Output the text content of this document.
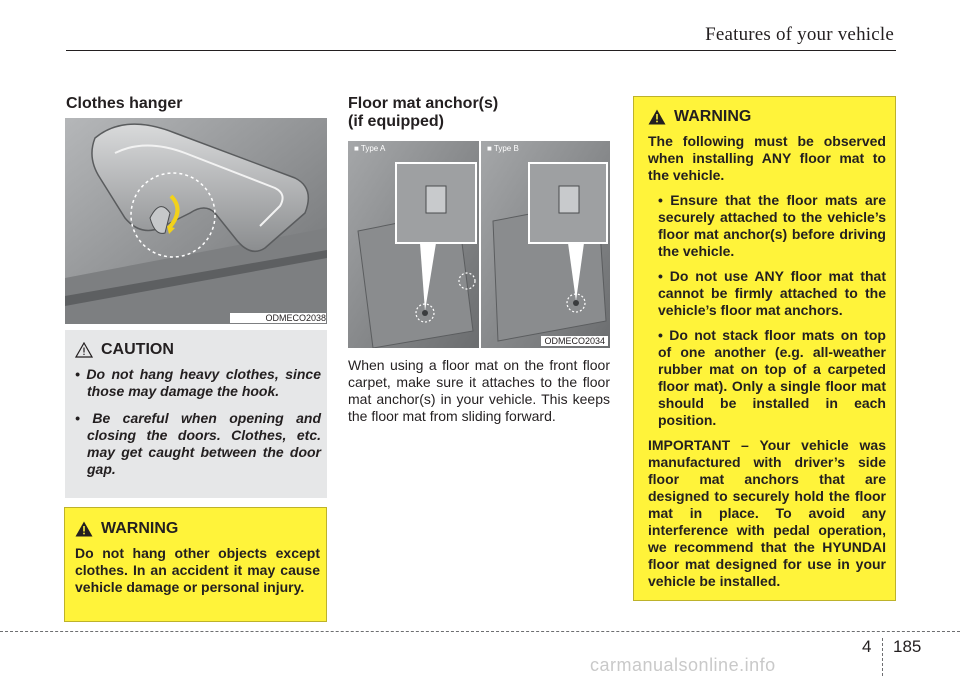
Features of your vehicle
Clothes hanger
ODMECO2038
CAUTION
• Do not hang heavy clothes, since those may damage the hook.
• Be careful when opening and closing the doors. Clothes, etc. may get caught between the door gap.
WARNING
Do not hang other objects except clothes. In an accident it may cause vehicle damage or personal injury.
Floor mat anchor(s)
(if equipped)
■ Type A	■ Type B
ODMECO2034
When using a floor mat on the front floor carpet, make sure it attaches to the floor mat anchor(s) in your vehicle. This keeps the floor mat from sliding forward.
WARNING
The following must be observed when installing ANY floor mat to the vehicle.
• Ensure that the floor mats are securely attached to the vehicle’s floor mat anchor(s) before driving the vehicle.
• Do not use ANY floor mat that cannot be firmly attached to the vehicle’s floor mat anchors.
• Do not stack floor mats on top of one another (e.g. all-weather rubber mat on top of a carpeted floor mat). Only a single floor mat should be installed in each position.
IMPORTANT – Your vehicle was manufactured with driver’s side floor mat anchors that are designed to securely hold the floor mat in place. To avoid any interference with pedal operation, we recommend that the HYUNDAI floor mat designed for use in your vehicle be installed.
4 185
carmanualsonline.info
